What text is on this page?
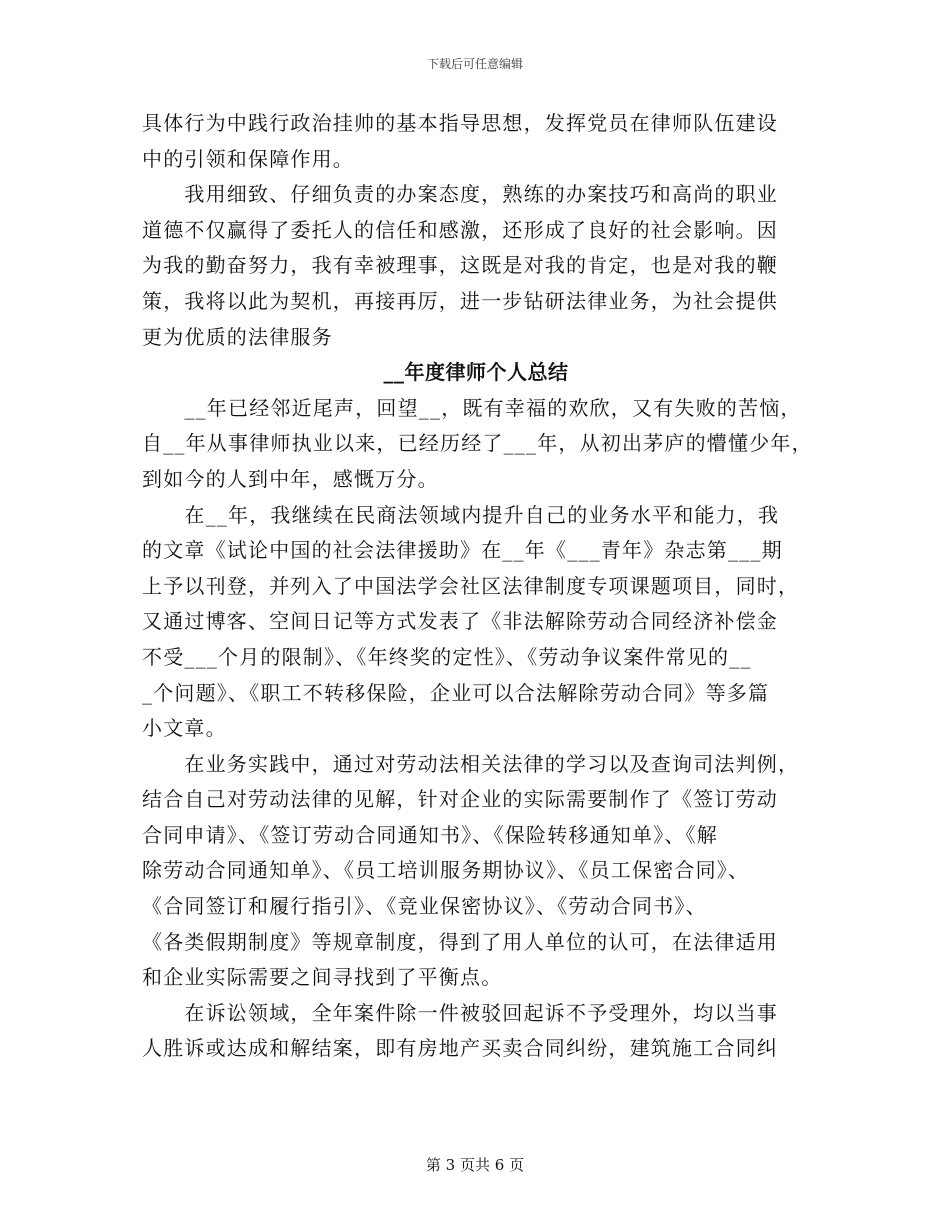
下载后可任意编辑
具体行为中践行政治挂帅的基本指导思想，发挥党员在律师队伍建设
中的引领和保障作用。
　　我用细致、仔细负责的办案态度，熟练的办案技巧和高尚的职业
道德不仅赢得了委托人的信任和感激，还形成了良好的社会影响。因
为我的勤奋努力，我有幸被理事，这既是对我的肯定，也是对我的鞭
策，我将以此为契机，再接再厉，进一步钻研法律业务，为社会提供
更为优质的法律服务
__年度律师个人总结
　　__年已经邻近尾声，回望__，既有幸福的欢欣，又有失败的苦恼，
自__年从事律师执业以来，已经历经了___年，从初出茅庐的懵懂少年，
到如今的人到中年，感慨万分。
　　在__年，我继续在民商法领域内提升自己的业务水平和能力，我
的文章《试论中国的社会法律援助》在__年《___青年》杂志第___期
上予以刊登，并列入了中国法学会社区法律制度专项课题项目，同时，
又通过博客、空间日记等方式发表了《非法解除劳动合同经济补偿金
不受___个月的限制》、《年终奖的定性》、《劳动争议案件常见的__
_个问题》、《职工不转移保险，企业可以合法解除劳动合同》等多篇
小文章。
　　在业务实践中，通过对劳动法相关法律的学习以及查询司法判例，
结合自己对劳动法律的见解，针对企业的实际需要制作了《签订劳动
合同申请》、《签订劳动合同通知书》、《保险转移通知单》、《解
除劳动合同通知单》、《员工培训服务期协议》、《员工保密合同》、
《合同签订和履行指引》、《竞业保密协议》、《劳动合同书》、
《各类假期制度》等规章制度，得到了用人单位的认可，在法律适用
和企业实际需要之间寻找到了平衡点。
　　在诉讼领域，全年案件除一件被驳回起诉不予受理外，均以当事
人胜诉或达成和解结案，即有房地产买卖合同纠纷，建筑施工合同纠
第 3 页共 6 页
